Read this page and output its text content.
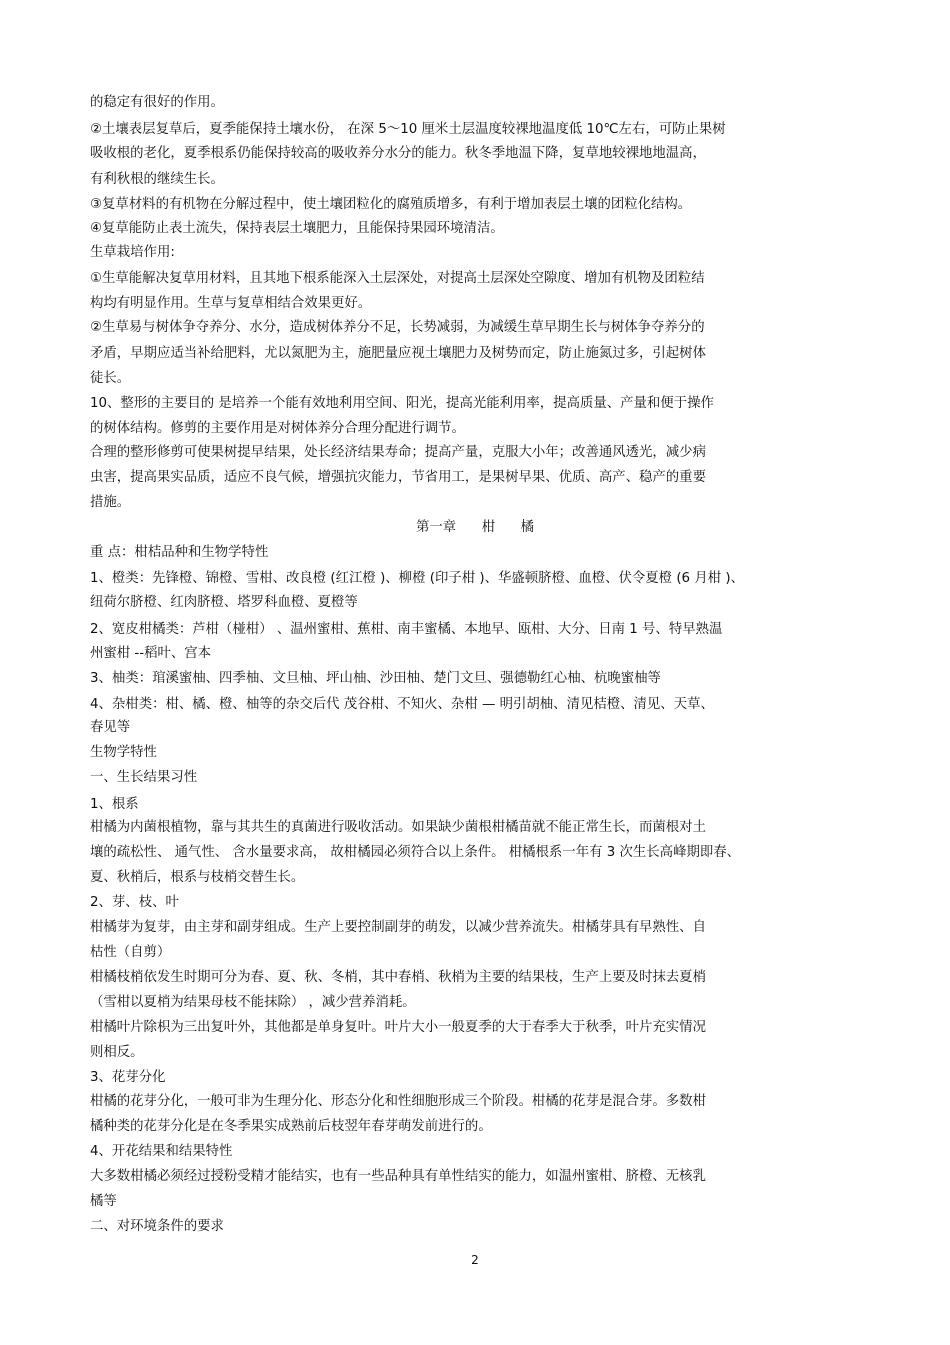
的稳定有很好的作用。
②土壤表层复草后，夏季能保持土壤水份， 在深 5～10 厘米土层温度较裸地温度低 10℃左右，可防止果树
吸收根的老化，夏季根系仍能保持较高的吸收养分水分的能力。秋冬季地温下降，复草地较裸地地温高，
有利秋根的继续生长。
③复草材料的有机物在分解过程中，使土壤团粒化的腐殖质增多，有利于增加表层土壤的团粒化结构。
④复草能防止表土流失，保持表层土壤肥力，且能保持果园环境清洁。
生草栽培作用:
①生草能解决复草用材料，且其地下根系能深入土层深处，对提高土层深处空隙度、增加有机物及团粒结
构均有明显作用。生草与复草相结合效果更好。
②生草易与树体争夺养分、水分，造成树体养分不足，长势减弱，为减缓生草早期生长与树体争夺养分的
矛盾，早期应适当补给肥料，尤以氮肥为主，施肥量应视土壤肥力及树势而定，防止施氮过多，引起树体
徒长。
10、整形的主要目的 是培养一个能有效地利用空间、阳光，提高光能利用率，提高质量、产量和便于操作
的树体结构。修剪的主要作用是对树体养分合理分配进行调节。
合理的整形修剪可使果树提早结果，处长经济结果寿命；提高产量，克服大小年；改善通风透光，减少病
虫害，提高果实品质，适应不良气候，增强抗灾能力，节省用工，是果树早果、优质、高产、稳产的重要
措施。
第一章      柑      橘
重 点：柑桔品种和生物学特性
1、橙类：先锋橙、锦橙、雪柑、改良橙 (红江橙 )、柳橙 (印子柑 )、华盛顿脐橙、血橙、伏令夏橙 (6 月柑 )、
纽荷尔脐橙、红肉脐橙、塔罗科血橙、夏橙等
2、宽皮柑橘类：芦柑（椪柑） 、温州蜜柑、蕉柑、南丰蜜橘、本地早、瓯柑、大分、日南 1 号、特早熟温
州蜜柑 --稻叶、宫本
3、柚类：琯溪蜜柚、四季柚、文旦柚、坪山柚、沙田柚、楚门文旦、强德勒红心柚、杭晚蜜柚等
4、杂柑类：柑、橘、橙、柚等的杂交后代 茂谷柑、不知火、杂柑 — 明引胡柚、清见桔橙、清见、天草、
春见等
生物学特性
一、生长结果习性
1、根系
柑橘为内菌根植物，靠与其共生的真菌进行吸收活动。如果缺少菌根柑橘苗就不能正常生长，而菌根对土
壤的疏松性、 通气性、 含水量要求高， 故柑橘园必须符合以上条件。 柑橘根系一年有 3 次生长高峰期即春、
夏、秋梢后，根系与枝梢交替生长。
2、芽、枝、叶
柑橘芽为复芽，由主芽和副芽组成。生产上要控制副芽的萌发，以减少营养流失。柑橘芽具有早熟性、自
枯性（自剪）
柑橘枝梢依发生时期可分为春、夏、秋、冬梢，其中春梢、秋梢为主要的结果枝，生产上要及时抹去夏梢
（雪柑以夏梢为结果母枝不能抹除） ，减少营养消耗。
柑橘叶片除枳为三出复叶外，其他都是单身复叶。叶片大小一般夏季的大于春季大于秋季，叶片充实情况
则相反。
3、花芽分化
柑橘的花芽分化，一般可非为生理分化、形态分化和性细胞形成三个阶段。柑橘的花芽是混合芽。多数柑
橘种类的花芽分化是在冬季果实成熟前后枝翌年春芽萌发前进行的。
4、开花结果和结果特性
大多数柑橘必须经过授粉受精才能结实，也有一些品种具有单性结实的能力，如温州蜜柑、脐橙、无核乳
橘等
二、对环境条件的要求
2
